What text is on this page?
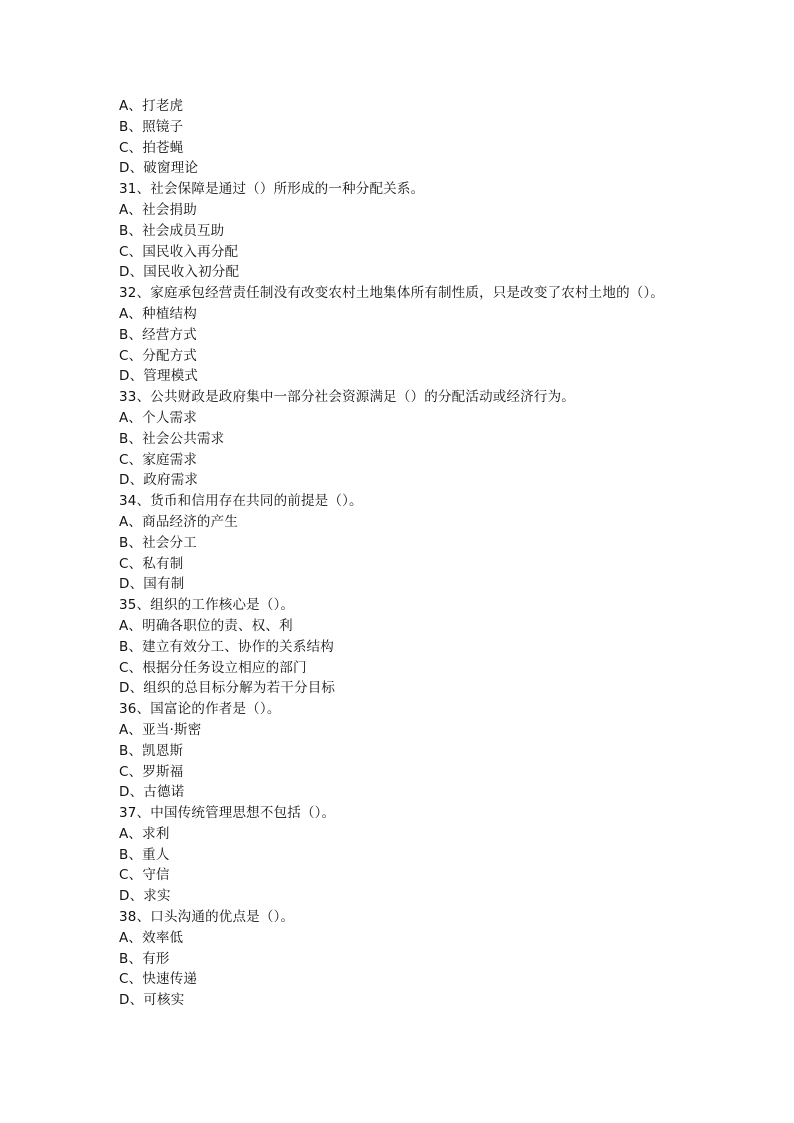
A、打老虎
B、照镜子
C、拍苍蝇
D、破窗理论
31、社会保障是通过（）所形成的一种分配关系。
A、社会捐助
B、社会成员互助
C、国民收入再分配
D、国民收入初分配
32、家庭承包经营责任制没有改变农村土地集体所有制性质，只是改变了农村土地的（）。
A、种植结构
B、经营方式
C、分配方式
D、管理模式
33、公共财政是政府集中一部分社会资源满足（）的分配活动或经济行为。
A、个人需求
B、社会公共需求
C、家庭需求
D、政府需求
34、货币和信用存在共同的前提是（）。
A、商品经济的产生
B、社会分工
C、私有制
D、国有制
35、组织的工作核心是（）。
A、明确各职位的责、权、利
B、建立有效分工、协作的关系结构
C、根据分任务设立相应的部门
D、组织的总目标分解为若干分目标
36、国富论的作者是（）。
A、亚当·斯密
B、凯恩斯
C、罗斯福
D、古德诺
37、中国传统管理思想不包括（）。
A、求利
B、重人
C、守信
D、求实
38、口头沟通的优点是（）。
A、效率低
B、有形
C、快速传递
D、可核实
